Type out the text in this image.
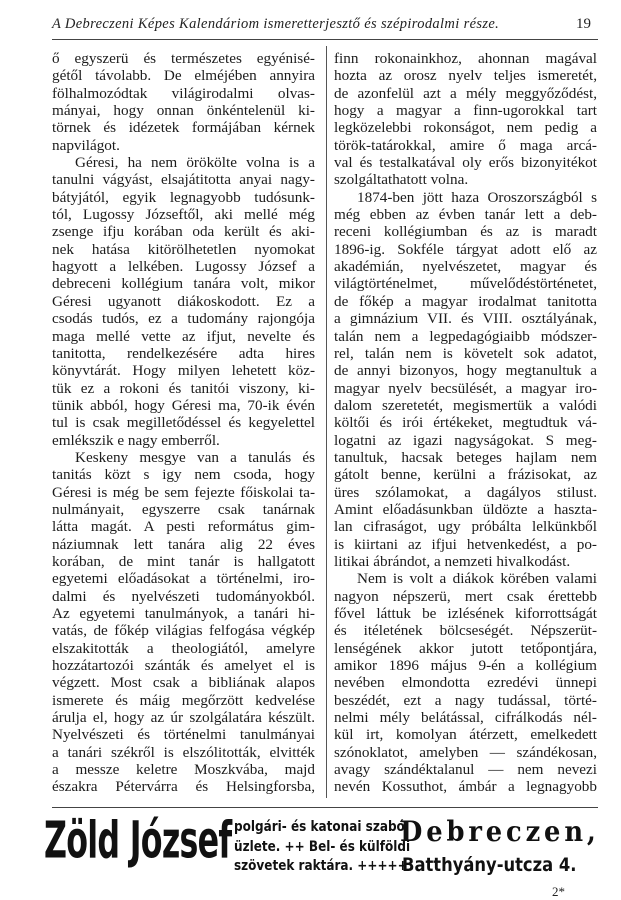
A Debreczeni Képes Kalendáriom ismeretterjesztő és szépirodalmi része.	19
ő egyszerü és természetes egyénisé-
gétől távolabb. De elméjében annyira
fölhalmozódtak világirodalmi olvas-
mányai, hogy onnan önkéntelenül ki-
törnek és idézetek formájában kérnek
napvilágot.
Géresi, ha nem örökölte volna is a
tanulni vágyást, elsajátitotta anyai nagy-
bátyjától, egyik legnagyobb tudósunk-
tól, Lugossy Józseftől, aki mellé még
zsenge ifju korában oda került és aki-
nek hatása kitörölhetetlen nyomokat
hagyott a lelkében. Lugossy József a
debreceni kollégium tanára volt, mikor
Géresi ugyanott diákoskodott. Ez a
csodás tudós, ez a tudomány rajongója
maga mellé vette az ifjut, nevelte és
tanitotta, rendelkezésére adta hires
könyvtárát. Hogy milyen lehetett köz-
tük ez a rokoni és tanitói viszony, ki-
tünik abból, hogy Géresi ma, 70-ik évén
tul is csak megilletődéssel és kegyelettel
emlékszik e nagy emberről.
Keskeny mesgye van a tanulás és
tanitás közt s igy nem csoda, hogy
Géresi is még be sem fejezte főiskolai ta-
nulmányait, egyszerre csak tanárnak
látta magát. A pesti református gim-
náziumnak lett tanára alig 22 éves
korában, de mint tanár is hallgatott
egyetemi előadásokat a történelmi, iro-
dalmi és nyelvészeti tudományokból.
Az egyetemi tanulmányok, a tanári hi-
vatás, de főkép világias felfogása végkép
elszakitották a theologiától, amelyre
hozzátartozói szánták és amelyet el is
végzett. Most csak a bibliának alapos
ismerete és máig megőrzött kedvelése
árulja el, hogy az úr szolgálatára készült.
Nyelvészeti és történelmi tanulmányai
a tanári székről is elszólitották, elvitték
a messze keletre Moszkvába, majd
északra Pétervárra és Helsingforsba,
finn rokonainkhoz, ahonnan magával
hozta az orosz nyelv teljes ismeretét,
de azonfelül azt a mély meggyőződést,
hogy a magyar a finn-ugorokkal tart
legközelebbi rokonságot, nem pedig a
török-tatárokkal, amire ő maga arcá-
val és testalkatával oly erős bizonyitékot
szolgáltathatott volna.
1874-ben jött haza Oroszországból s
még ebben az évben tanár lett a deb-
receni kollégiumban és az is maradt
1896-ig. Sokféle tárgyat adott elő az
akadémián, nyelvészetet, magyar és
világtörténelmet, művelődéstörténetet,
de főkép a magyar irodalmat tanitotta
a gimnázium VII. és VIII. osztályának,
talán nem a legpedagógiaibb módszer-
rel, talán nem is követelt sok adatot,
de annyi bizonyos, hogy megtanultuk a
magyar nyelv becsülését, a magyar iro-
dalom szeretetét, megismertük a valódi
költői és irói értékeket, megtudtuk vá-
logatni az igazi nagyságokat. S meg-
tanultuk, hacsak beteges hajlam nem
gátolt benne, kerülni a frázisokat, az
üres szólamokat, a dagályos stilust.
Amint előadásunkban üldözte a haszta-
lan cifraságot, ugy próbálta lelkünkből
is kiirtani az ifjui hetvenkedést, a po-
litikai ábrándot, a nemzeti hivalkodást.
Nem is volt a diákok körében valami
nagyon népszerü, mert csak érettebb
fővel láttuk be izlésének kiforrottságát
és itéletének bölcseségét. Népszerüt-
lenségének akkor jutott tetőpontjára,
amikor 1896 május 9-én a kollégium
nevében elmondotta ezredévi ünnepi
beszédét, ezt a nagy tudással, törté-
nelmi mély belátással, cifrálkodás nél-
kül irt, komolyan átérzett, emelkedett
szónoklatot, amelyben — szándékosan,
avagy szándéktalanul — nem nevezi
nevén Kossuthot, ámbár a legnagyobb
Zöld József polgári- és katonai szabó
üzlete. ++ Bel- és külföldi
szövetek raktára. +++++
Debreczen,
Batthyány-utcza 4.
2*
